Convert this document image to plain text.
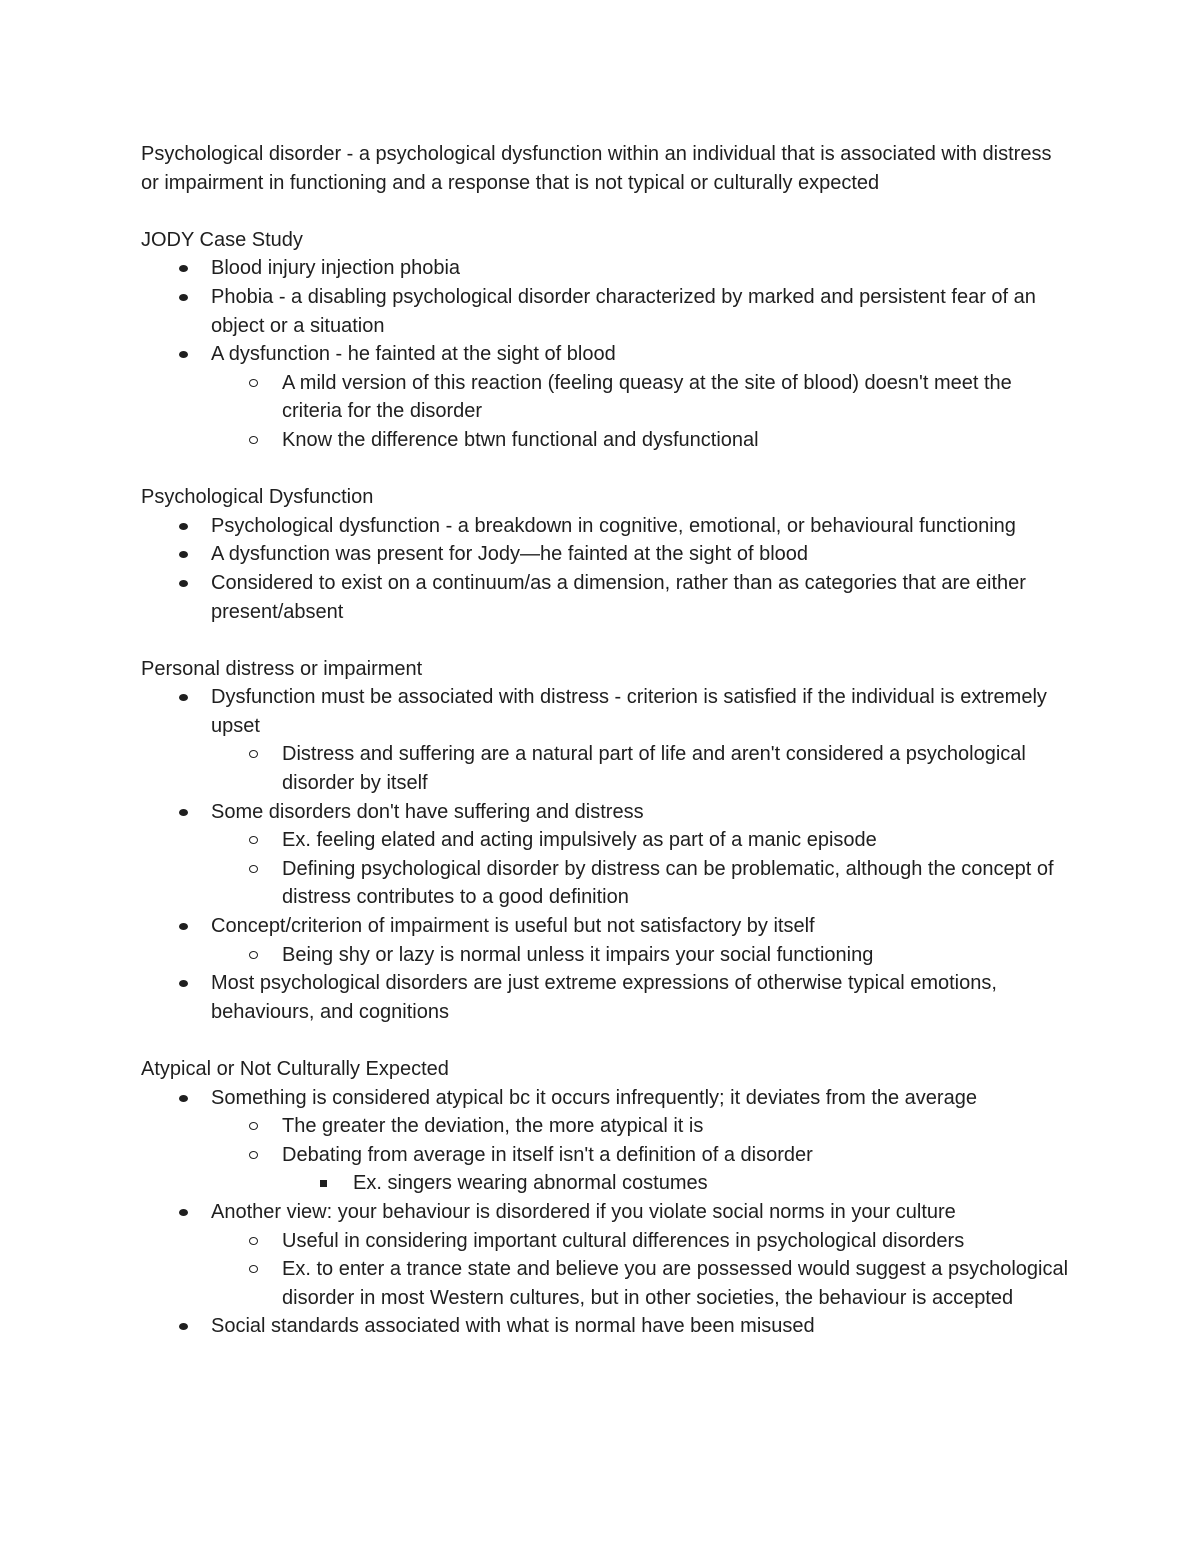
Psychological disorder - a psychological dysfunction within an individual that is associated with distress or impairment in functioning and a response that is not typical or culturally expected

JODY Case Study

Blood injury injection phobia
Phobia - a disabling psychological disorder characterized by marked and persistent fear of an object or a situation
A dysfunction - he fainted at the sight of blood
A mild version of this reaction (feeling queasy at the site of blood) doesn't meet the criteria for the disorder
Know the difference btwn functional and dysfunctional

Psychological Dysfunction

Psychological dysfunction - a breakdown in cognitive, emotional, or behavioural functioning
A dysfunction was present for Jody—he fainted at the sight of blood
Considered to exist on a continuum/as a dimension, rather than as categories that are either present/absent

Personal distress or impairment

Dysfunction must be associated with distress - criterion is satisfied if the individual is extremely upset
Distress and suffering are a natural part of life and aren't considered a psychological disorder by itself
Some disorders don't have suffering and distress
Ex. feeling elated and acting impulsively as part of a manic episode
Defining psychological disorder by distress can be problematic, although the concept of distress contributes to a good definition
Concept/criterion of impairment is useful but not satisfactory by itself
Being shy or lazy is normal unless it impairs your social functioning
Most psychological disorders are just extreme expressions of otherwise typical emotions, behaviours, and cognitions

Atypical or Not Culturally Expected

Something is considered atypical bc it occurs infrequently; it deviates from the average
The greater the deviation, the more atypical it is
Debating from average in itself isn't a definition of a disorder
Ex. singers wearing abnormal costumes
Another view: your behaviour is disordered if you violate social norms in your culture
Useful in considering important cultural differences in psychological disorders
Ex. to enter a trance state and believe you are possessed would suggest a psychological disorder in most Western cultures, but in other societies, the behaviour is accepted
Social standards associated with what is normal have been misused
